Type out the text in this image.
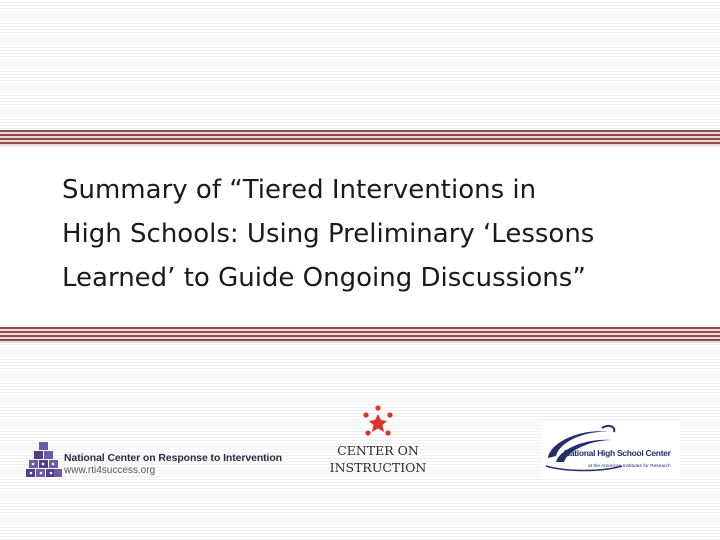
Summary of “Tiered Interventions in
High Schools: Using Preliminary ‘Lessons
Learned’ to Guide Ongoing Discussions”
National Center on Response to Intervention
www.rti4success.org
CENTER ON
INSTRUCTION
National High School Center
at the American Institutes for Research
